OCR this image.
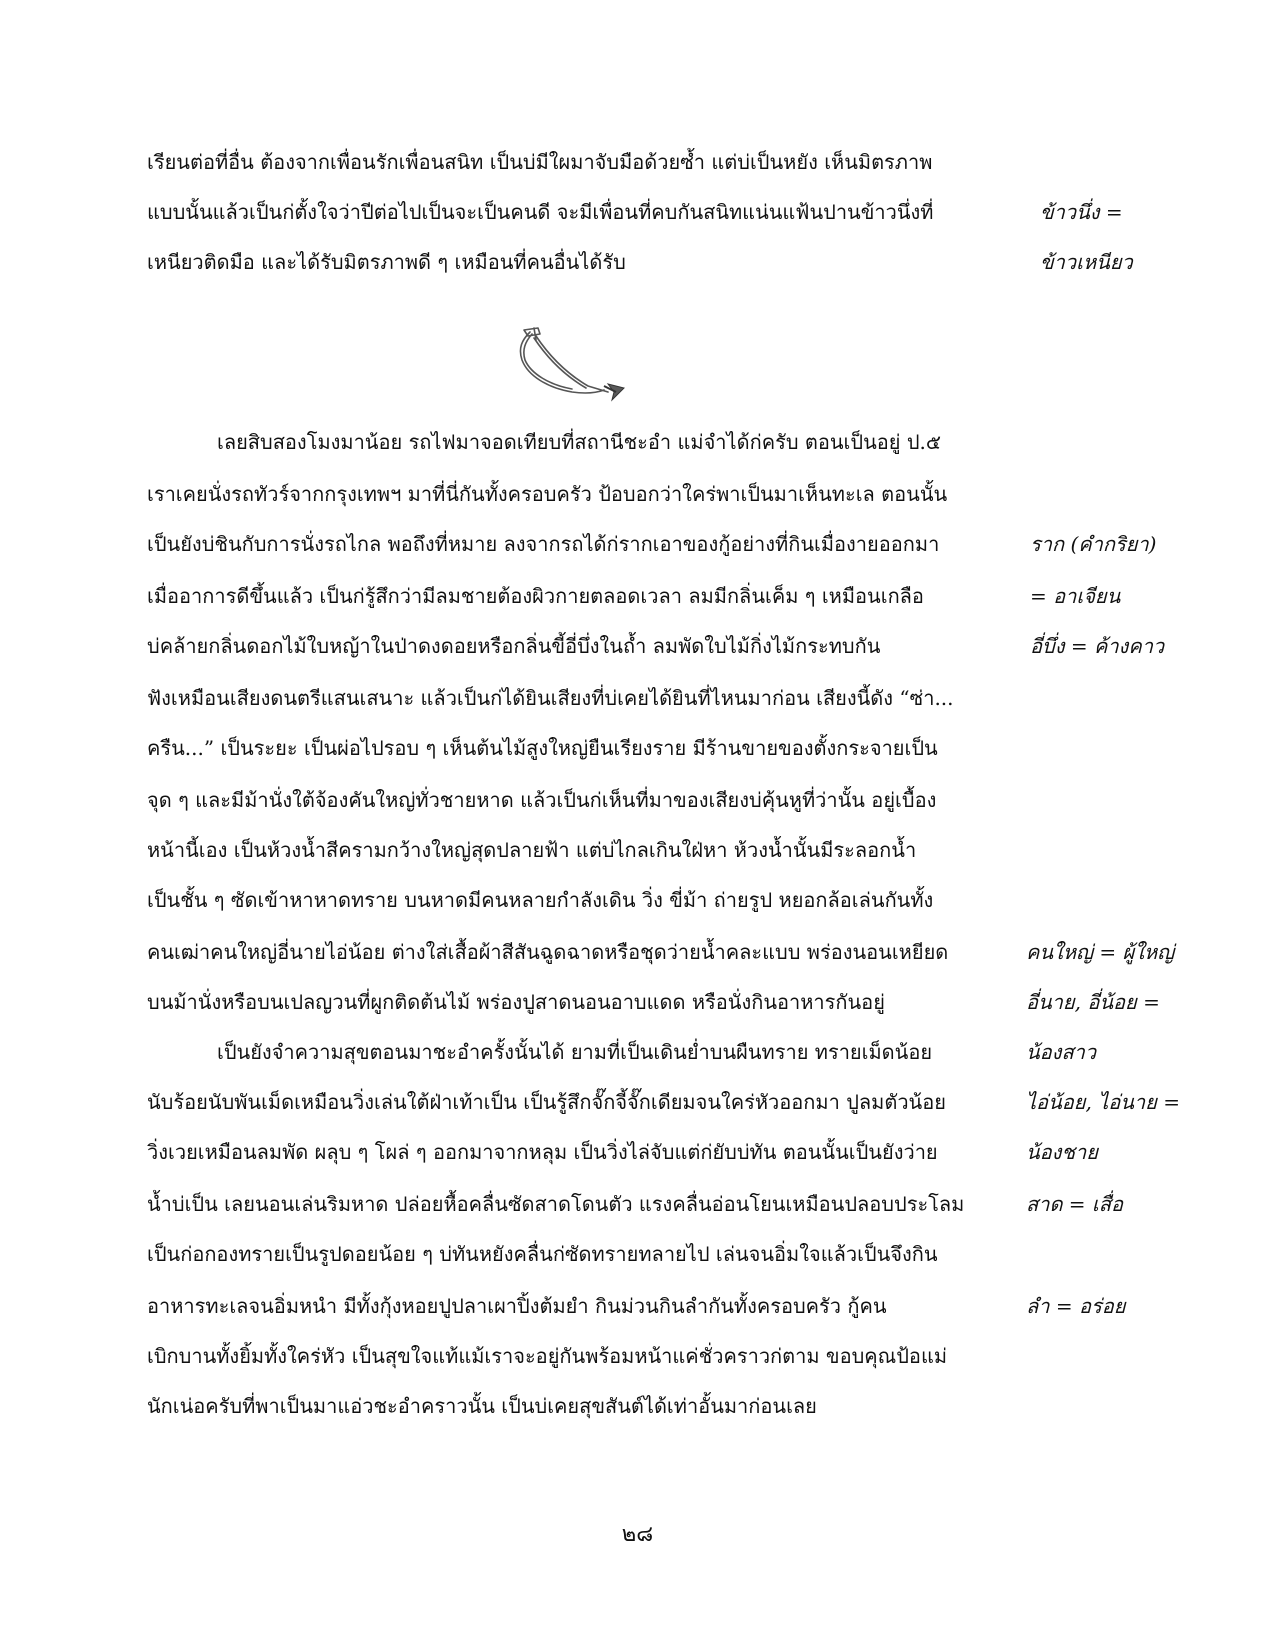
เรียนต่อที่อื่น ต้องจากเพื่อนรักเพื่อนสนิท เป็นบ่มีใผมาจับมือด้วยซ้ำ แต่บ่เป็นหยัง เห็นมิตรภาพ
แบบนั้นแล้วเป็นก่ตั้งใจว่าปีต่อไปเป็นจะเป็นคนดี จะมีเพื่อนที่คบกันสนิทแน่นแฟ้นปานข้าวนึ่งที่
เหนียวติดมือ และได้รับมิตรภาพดี ๆ เหมือนที่คนอื่นได้รับ
เลยสิบสองโมงมาน้อย รถไฟมาจอดเทียบที่สถานีชะอำ แม่จำได้ก่ครับ ตอนเป็นอยู่ ป.๕
เราเคยนั่งรถทัวร์จากกรุงเทพฯ มาที่นี่กันทั้งครอบครัว ป้อบอกว่าใคร่พาเป็นมาเห็นทะเล ตอนนั้น
เป็นยังบ่ชินกับการนั่งรถไกล พอถึงที่หมาย ลงจากรถได้ก่รากเอาของกู้อย่างที่กินเมื่องายออกมา
เมื่ออาการดีขึ้นแล้ว เป็นก่รู้สึกว่ามีลมชายต้องผิวกายตลอดเวลา ลมมีกลิ่นเค็ม ๆ เหมือนเกลือ
บ่คล้ายกลิ่นดอกไม้ใบหญ้าในป่าดงดอยหรือกลิ่นขี้อี่บึ่งในถ้ำ ลมพัดใบไม้กิ่งไม้กระทบกัน
ฟังเหมือนเสียงดนตรีแสนเสนาะ แล้วเป็นก่ได้ยินเสียงที่บ่เคยได้ยินที่ไหนมาก่อน เสียงนี้ดัง “ซ่า...
ครืน...” เป็นระยะ เป็นผ่อไปรอบ ๆ เห็นต้นไม้สูงใหญ่ยืนเรียงราย มีร้านขายของตั้งกระจายเป็น
จุด ๆ และมีม้านั่งใต้จ้องคันใหญ่ทั่วชายหาด แล้วเป็นก่เห็นที่มาของเสียงบ่คุ้นหูที่ว่านั้น อยู่เบื้อง
หน้านี้เอง เป็นห้วงน้ำสีครามกว้างใหญ่สุดปลายฟ้า แต่บ่ไกลเกินใฝ่หา ห้วงน้ำนั้นมีระลอกน้ำ
เป็นชั้น ๆ ซัดเข้าหาหาดทราย บนหาดมีคนหลายกำลังเดิน วิ่ง ขี่ม้า ถ่ายรูป หยอกล้อเล่นกันทั้ง
คนเฒ่าคนใหญ่อี่นายไอ่น้อย ต่างใส่เสื้อผ้าสีสันฉูดฉาดหรือชุดว่ายน้ำคละแบบ พร่องนอนเหยียด
บนม้านั่งหรือบนเปลญวนที่ผูกติดต้นไม้ พร่องปูสาดนอนอาบแดด หรือนั่งกินอาหารกันอยู่
เป็นยังจำความสุขตอนมาชะอำครั้งนั้นได้ ยามที่เป็นเดินย่ำบนผืนทราย ทรายเม็ดน้อย
นับร้อยนับพันเม็ดเหมือนวิ่งเล่นใต้ฝ่าเท้าเป็น เป็นรู้สึกจั๊กจี้จั๊กเดียมจนใคร่หัวออกมา ปูลมตัวน้อย
วิ่งเวยเหมือนลมพัด ผลุบ ๆ โผล่ ๆ ออกมาจากหลุม เป็นวิ่งไล่จับแต่ก่ยับบ่ทัน ตอนนั้นเป็นยังว่าย
น้ำบ่เป็น เลยนอนเล่นริมหาด ปล่อยหื้อคลื่นซัดสาดโดนตัว แรงคลื่นอ่อนโยนเหมือนปลอบประโลม
เป็นก่อกองทรายเป็นรูปดอยน้อย ๆ บ่ทันหยังคลื่นก่ซัดทรายทลายไป เล่นจนอิ่มใจแล้วเป็นจึงกิน
อาหารทะเลจนอิ่มหนำ มีทั้งกุ้งหอยปูปลาเผาปิ้งต้มยำ กินม่วนกินลำกันทั้งครอบครัว กู้คน
เบิกบานทั้งยิ้มทั้งใคร่หัว เป็นสุขใจแท้แม้เราจะอยู่กันพร้อมหน้าแค่ชั่วคราวก่ตาม ขอบคุณป้อแม่
นักเน่อครับที่พาเป็นมาแอ่วชะอำคราวนั้น เป็นบ่เคยสุขสันต์ได้เท่าอั้นมาก่อนเลย
ข้าวนึ่ง =
ข้าวเหนียว
ราก (คำกริยา)
= อาเจียน
อี่บึ่ง = ค้างคาว
คนใหญ่ = ผู้ใหญ่
อี่นาย, อี่น้อย =
น้องสาว
ไอ่น้อย, ไอ่นาย =
น้องชาย
สาด = เสื่อ
ลำ = อร่อย
๒๘
